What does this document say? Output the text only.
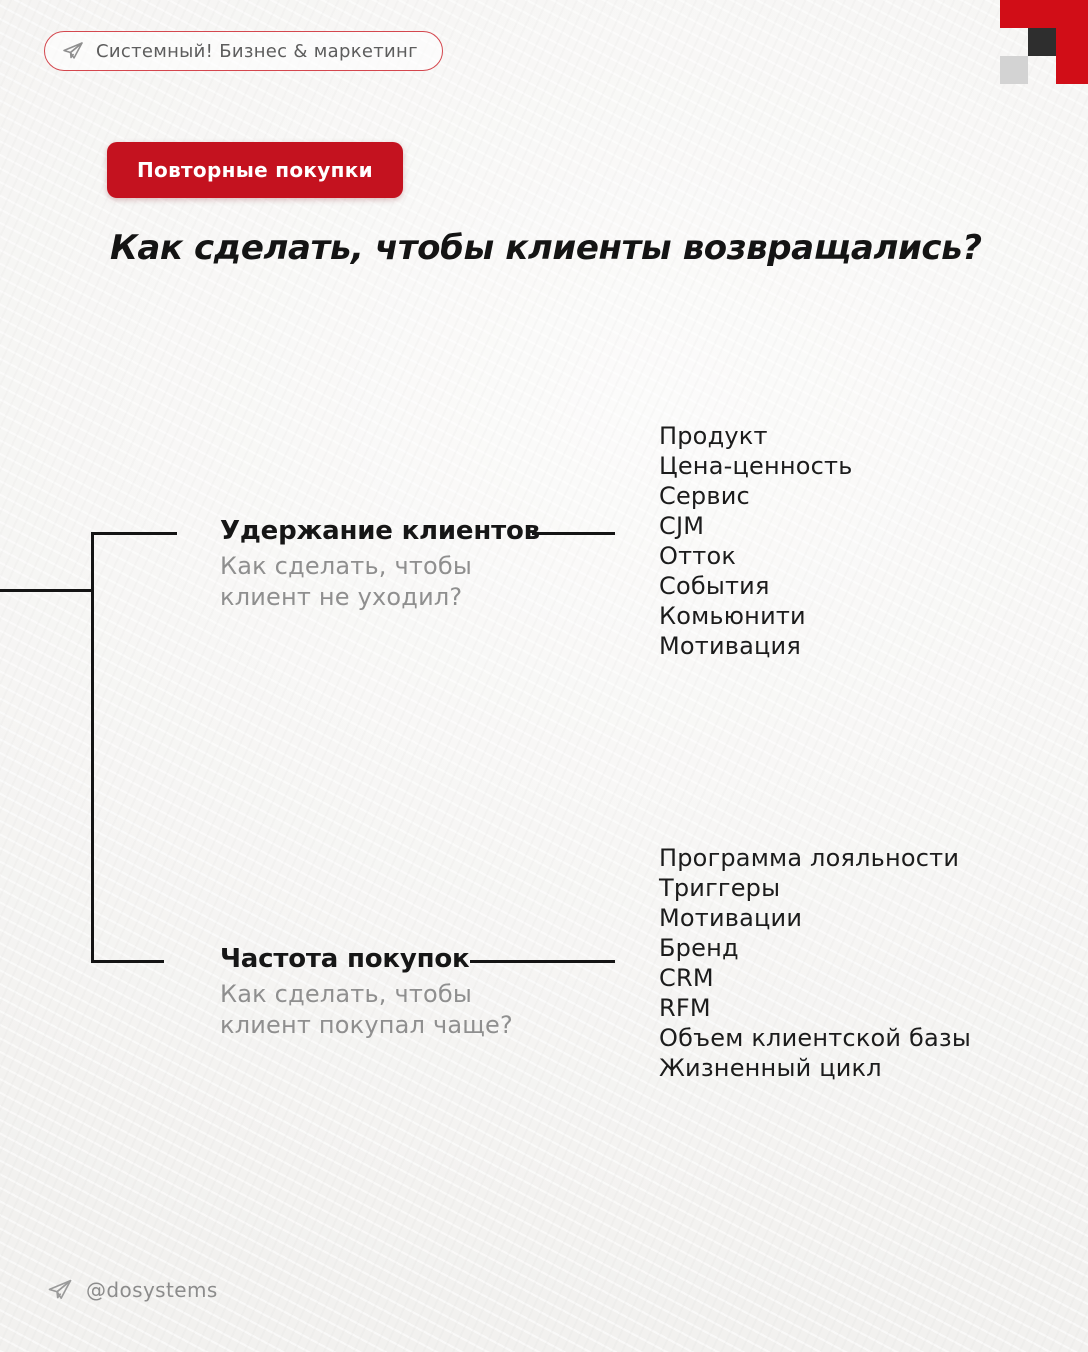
Системный! Бизнес & маркетинг
Повторные покупки
Как сделать, чтобы клиенты возвращались?
Удержание клиентов
Как сделать, чтобы клиент не уходил?
Продукт
Цена-ценность
Сервис
CJM
Отток
События
Комьюнити
Мотивация
Частота покупок
Как сделать, чтобы клиент покупал чаще?
Программа лояльности
Триггеры
Мотивации
Бренд
CRM
RFM
Объем клиентской базы
Жизненный цикл
@dosystems
